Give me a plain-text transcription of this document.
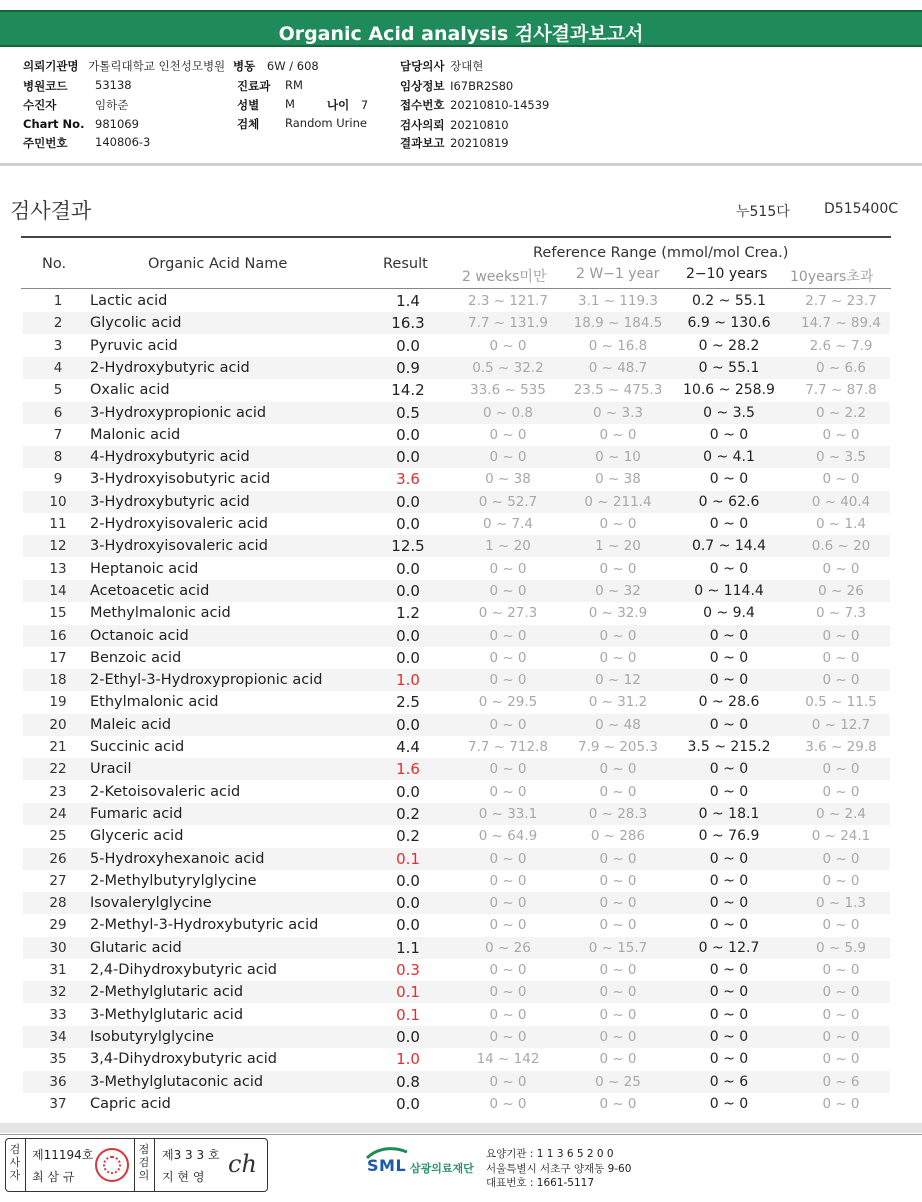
Organic Acid analysis 검사결과보고서
의뢰기관명 가톨릭대학교 인천성모병원 병동 6W / 608	담당의사 장대현
병원코드 53138	진료과 RM	임상정보 I67BR2S80
수진자	임하준	성별 M	나이 7	접수번호 20210810-14539
Chart No. 981069	검체 Random Urine	검사의뢰 20210810
주민번호 140806-3	결과보고 20210819
검사결과	누515다 D515400C
No.	Organic Acid Name	Result
Reference Range (mmol/mol Crea.)
2 weeks미만 2 W−1 year 2−10 years 10years초과
1	Lactic acid	1.4	2.3 ~ 121.7	3.1 ~ 119.3	0.2 ~ 55.1	2.7 ~ 23.7
2	Glycolic acid	16.3	7.7 ~ 131.9	18.9 ~ 184.5	6.9 ~ 130.6	14.7 ~ 89.4
3	Pyruvic acid	0.0	0 ~ 0	0 ~ 16.8	0 ~ 28.2	2.6 ~ 7.9
4	2-Hydroxybutyric acid	0.9	0.5 ~ 32.2	0 ~ 48.7	0 ~ 55.1	0 ~ 6.6
5	Oxalic acid	14.2	33.6 ~ 535	23.5 ~ 475.3	10.6 ~ 258.9	7.7 ~ 87.8
6	3-Hydroxypropionic acid	0.5	0 ~ 0.8	0 ~ 3.3	0 ~ 3.5	0 ~ 2.2
7	Malonic acid	0.0	0 ~ 0	0 ~ 0	0 ~ 0	0 ~ 0
8	4-Hydroxybutyric acid	0.0	0 ~ 0	0 ~ 10	0 ~ 4.1	0 ~ 3.5
9	3-Hydroxyisobutyric acid	3.6	0 ~ 38	0 ~ 38	0 ~ 0	0 ~ 0
10	3-Hydroxybutyric acid	0.0	0 ~ 52.7	0 ~ 211.4	0 ~ 62.6	0 ~ 40.4
11	2-Hydroxyisovaleric acid	0.0	0 ~ 7.4	0 ~ 0	0 ~ 0	0 ~ 1.4
12	3-Hydroxyisovaleric acid	12.5	1 ~ 20	1 ~ 20	0.7 ~ 14.4	0.6 ~ 20
13	Heptanoic acid	0.0	0 ~ 0	0 ~ 0	0 ~ 0	0 ~ 0
14	Acetoacetic acid	0.0	0 ~ 0	0 ~ 32	0 ~ 114.4	0 ~ 26
15	Methylmalonic acid	1.2	0 ~ 27.3	0 ~ 32.9	0 ~ 9.4	0 ~ 7.3
16	Octanoic acid	0.0	0 ~ 0	0 ~ 0	0 ~ 0	0 ~ 0
17	Benzoic acid	0.0	0 ~ 0	0 ~ 0	0 ~ 0	0 ~ 0
18	2-Ethyl-3-Hydroxypropionic acid	1.0	0 ~ 0	0 ~ 12	0 ~ 0	0 ~ 0
19	Ethylmalonic acid	2.5	0 ~ 29.5	0 ~ 31.2	0 ~ 28.6	0.5 ~ 11.5
20	Maleic acid	0.0	0 ~ 0	0 ~ 48	0 ~ 0	0 ~ 12.7
21	Succinic acid	4.4	7.7 ~ 712.8	7.9 ~ 205.3	3.5 ~ 215.2	3.6 ~ 29.8
22	Uracil	1.6	0 ~ 0	0 ~ 0	0 ~ 0	0 ~ 0
23	2-Ketoisovaleric acid	0.0	0 ~ 0	0 ~ 0	0 ~ 0	0 ~ 0
24	Fumaric acid	0.2	0 ~ 33.1	0 ~ 28.3	0 ~ 18.1	0 ~ 2.4
25	Glyceric acid	0.2	0 ~ 64.9	0 ~ 286	0 ~ 76.9	0 ~ 24.1
26	5-Hydroxyhexanoic acid	0.1	0 ~ 0	0 ~ 0	0 ~ 0	0 ~ 0
27	2-Methylbutyrylglycine	0.0	0 ~ 0	0 ~ 0	0 ~ 0	0 ~ 0
28	Isovalerylglycine	0.0	0 ~ 0	0 ~ 0	0 ~ 0	0 ~ 1.3
29	2-Methyl-3-Hydroxybutyric acid	0.0	0 ~ 0	0 ~ 0	0 ~ 0	0 ~ 0
30	Glutaric acid	1.1	0 ~ 26	0 ~ 15.7	0 ~ 12.7	0 ~ 5.9
31	2,4-Dihydroxybutyric acid	0.3	0 ~ 0	0 ~ 0	0 ~ 0	0 ~ 0
32	2-Methylglutaric acid	0.1	0 ~ 0	0 ~ 0	0 ~ 0	0 ~ 0
33	3-Methylglutaric acid	0.1	0 ~ 0	0 ~ 0	0 ~ 0	0 ~ 0
34	Isobutyrylglycine	0.0	0 ~ 0	0 ~ 0	0 ~ 0	0 ~ 0
35	3,4-Dihydroxybutyric acid	1.0	14 ~ 142	0 ~ 0	0 ~ 0	0 ~ 0
36	3-Methylglutaconic acid	0.8	0 ~ 0	0 ~ 25	0 ~ 6	0 ~ 6
37	Capric acid	0.0	0 ~ 0	0 ~ 0	0 ~ 0	0 ~ 0
검사자
제11194호
최 삼 규
점검의
제3 3 3 호
지 현 영 ch	SML 삼광의료재단
요양기관 : 1 1 3 6 5 2 0 0
서울특별시 서초구 양재동 9-60
대표번호 : 1661-5117
